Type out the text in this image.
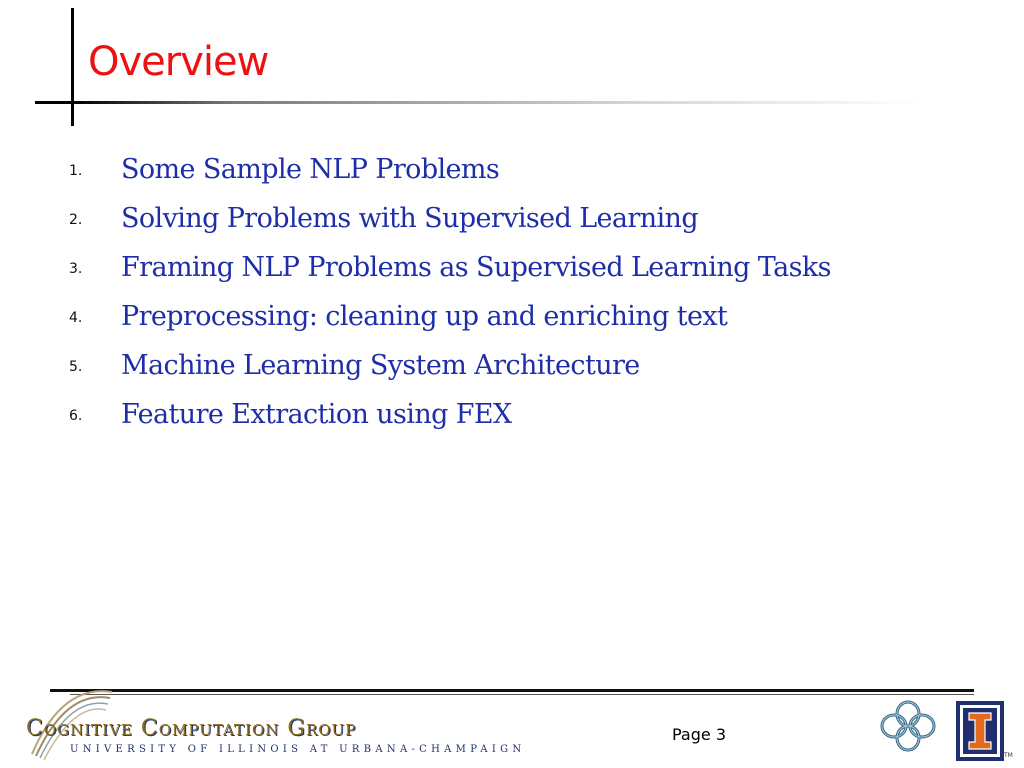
Overview
1. Some Sample NLP Problems
2. Solving Problems with Supervised Learning
3. Framing NLP Problems as Supervised Learning Tasks
4. Preprocessing: cleaning up and enriching text
5. Machine Learning System Architecture
6. Feature Extraction using FEX
Cognitive Computation Group
UNIVERSITY OF ILLINOIS AT URBANA-CHAMPAIGN
Page 3
TM
